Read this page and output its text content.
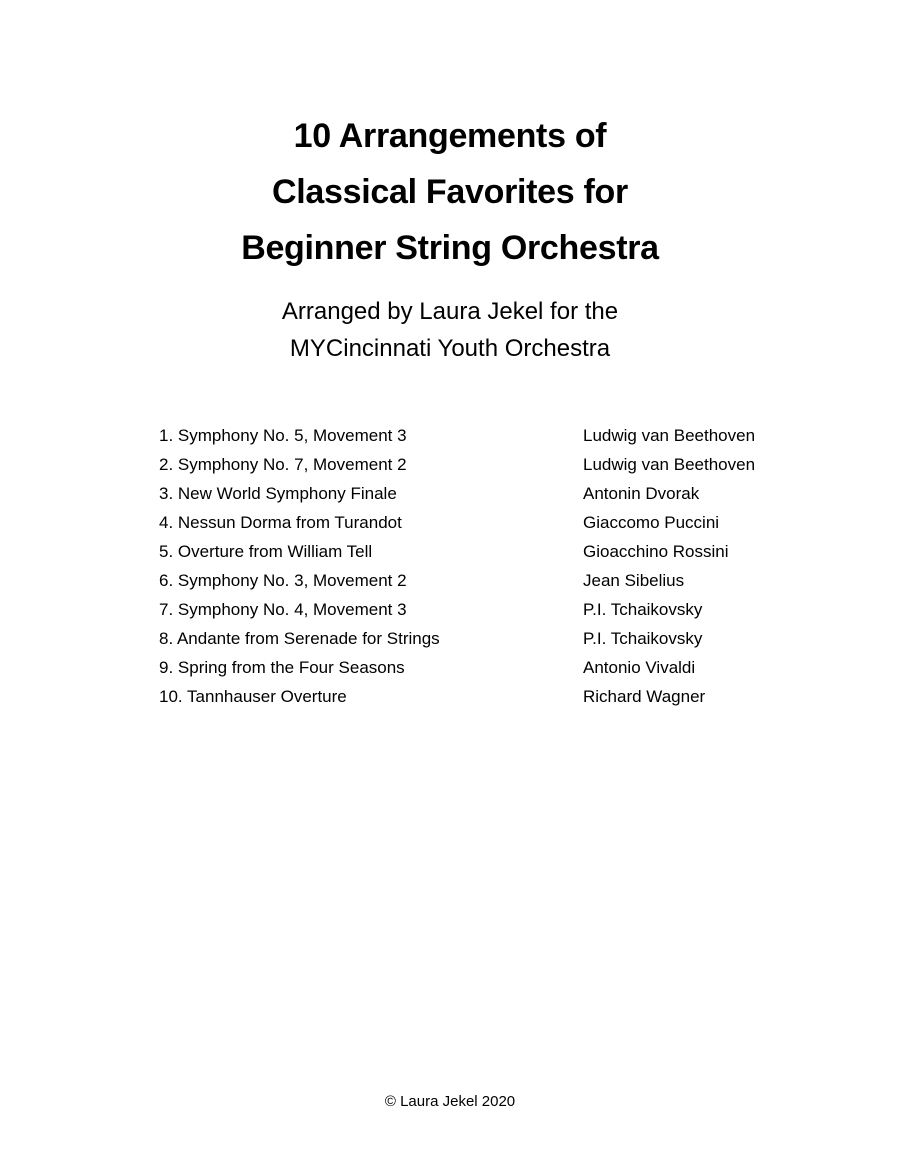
10 Arrangements of
Classical Favorites for
Beginner String Orchestra
Arranged by Laura Jekel for the
MYCincinnati Youth Orchestra
1. Symphony No. 5, Movement 3	Ludwig van Beethoven
2. Symphony No. 7, Movement 2	Ludwig van Beethoven
3. New World Symphony Finale	Antonin Dvorak
4. Nessun Dorma from Turandot	Giaccomo Puccini
5. Overture from William Tell	Gioacchino Rossini
6. Symphony No. 3, Movement 2	Jean Sibelius
7. Symphony No. 4, Movement 3	P.I. Tchaikovsky
8. Andante from Serenade for Strings	P.I. Tchaikovsky
9. Spring from the Four Seasons	Antonio Vivaldi
10. Tannhauser Overture	Richard Wagner
© Laura Jekel 2020
